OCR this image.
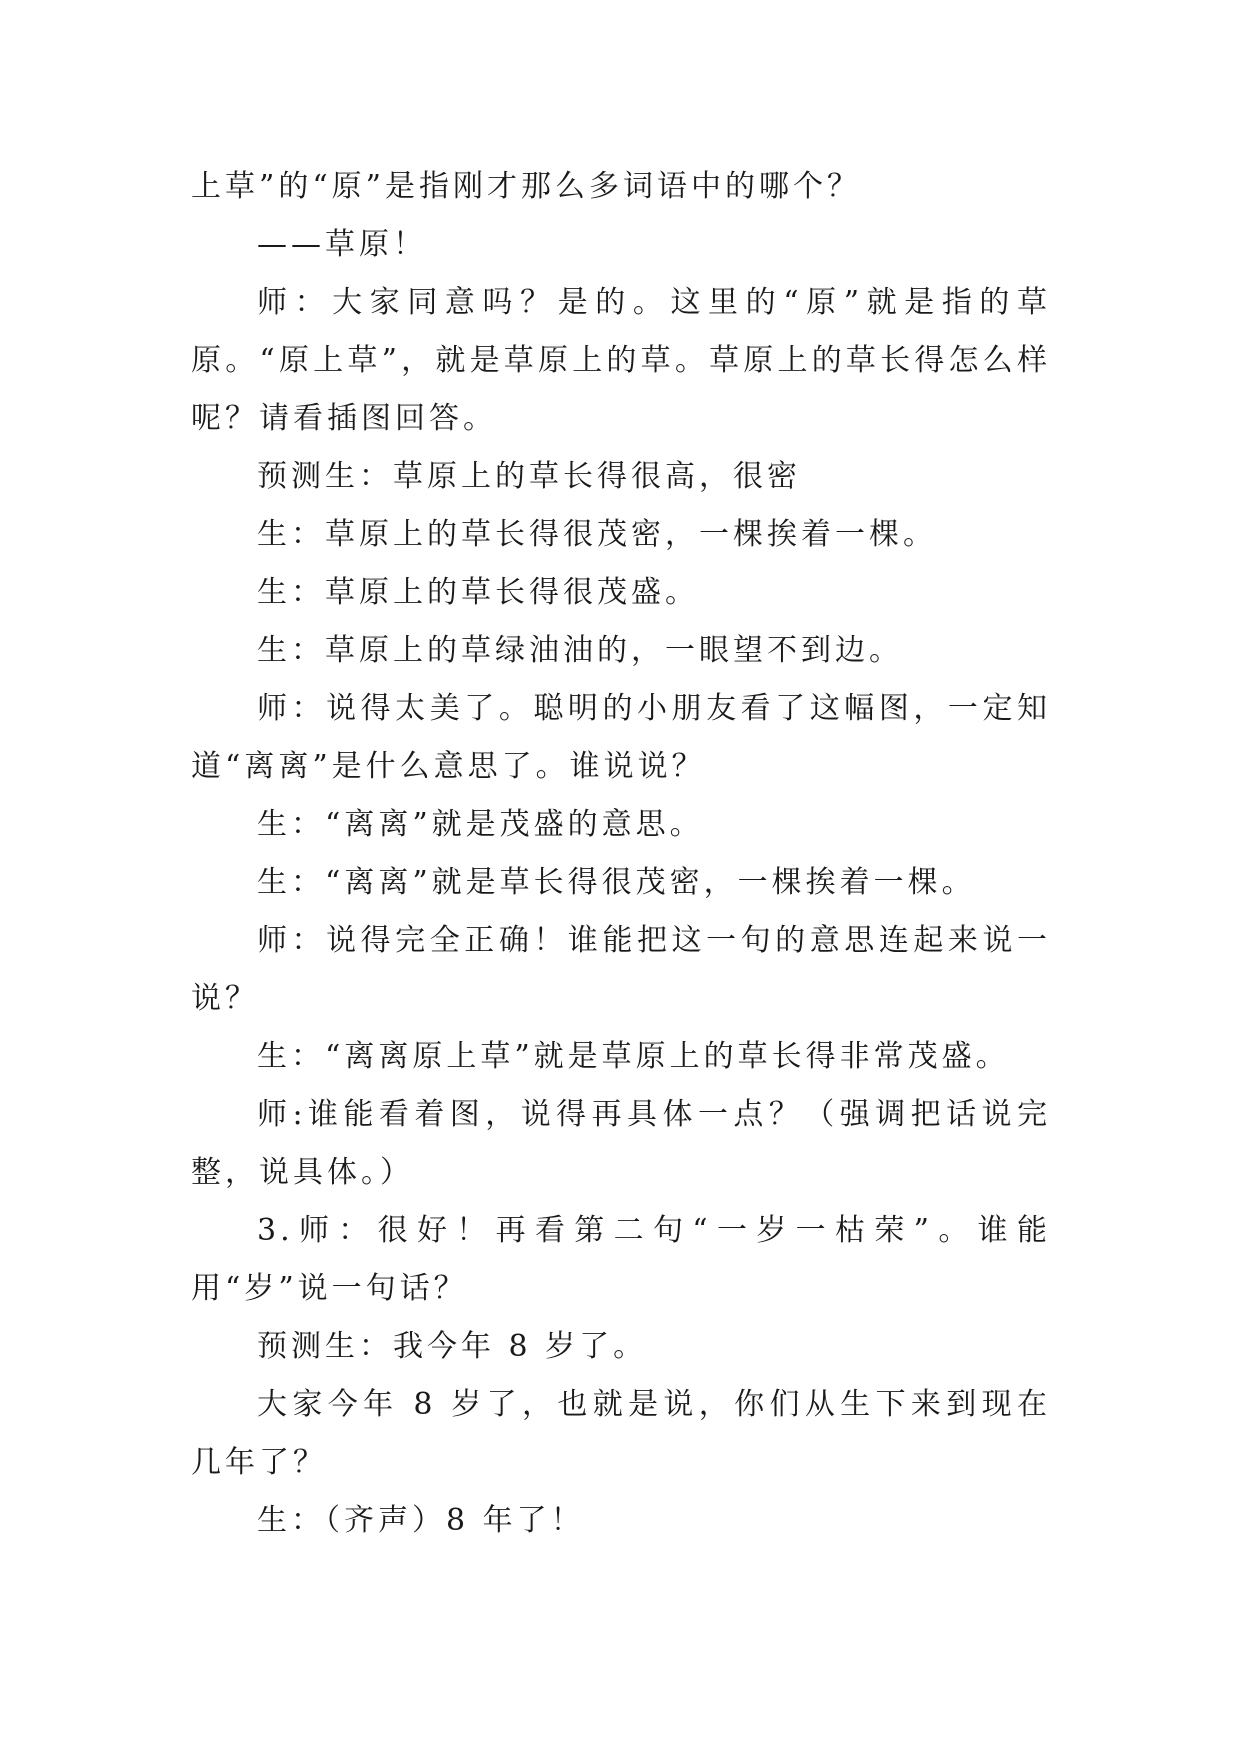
上草”的“原”是指刚才那么多词语中的哪个？

——草原！

师：大家同意吗？是的。这里的“原”就是指的草原。“原上草”，就是草原上的草。草原上的草长得怎么样呢？请看插图回答。

预测生：草原上的草长得很高，很密

生：草原上的草长得很茂密，一棵挨着一棵。

生：草原上的草长得很茂盛。

生：草原上的草绿油油的，一眼望不到边。

师：说得太美了。聪明的小朋友看了这幅图，一定知道“离离”是什么意思了。谁说说？

生：“离离”就是茂盛的意思。

生：“离离”就是草长得很茂密，一棵挨着一棵。

师：说得完全正确！谁能把这一句的意思连起来说一说？

生：“离离原上草”就是草原上的草长得非常茂盛。

师:谁能看着图，说得再具体一点？（强调把话说完整，说具体。）

3.师：很好！再看第二句“一岁一枯荣”。谁能用“岁”说一句话？

预测生：我今年 8 岁了。

大家今年 8 岁了，也就是说，你们从生下来到现在几年了？

生：（齐声）8 年了！
